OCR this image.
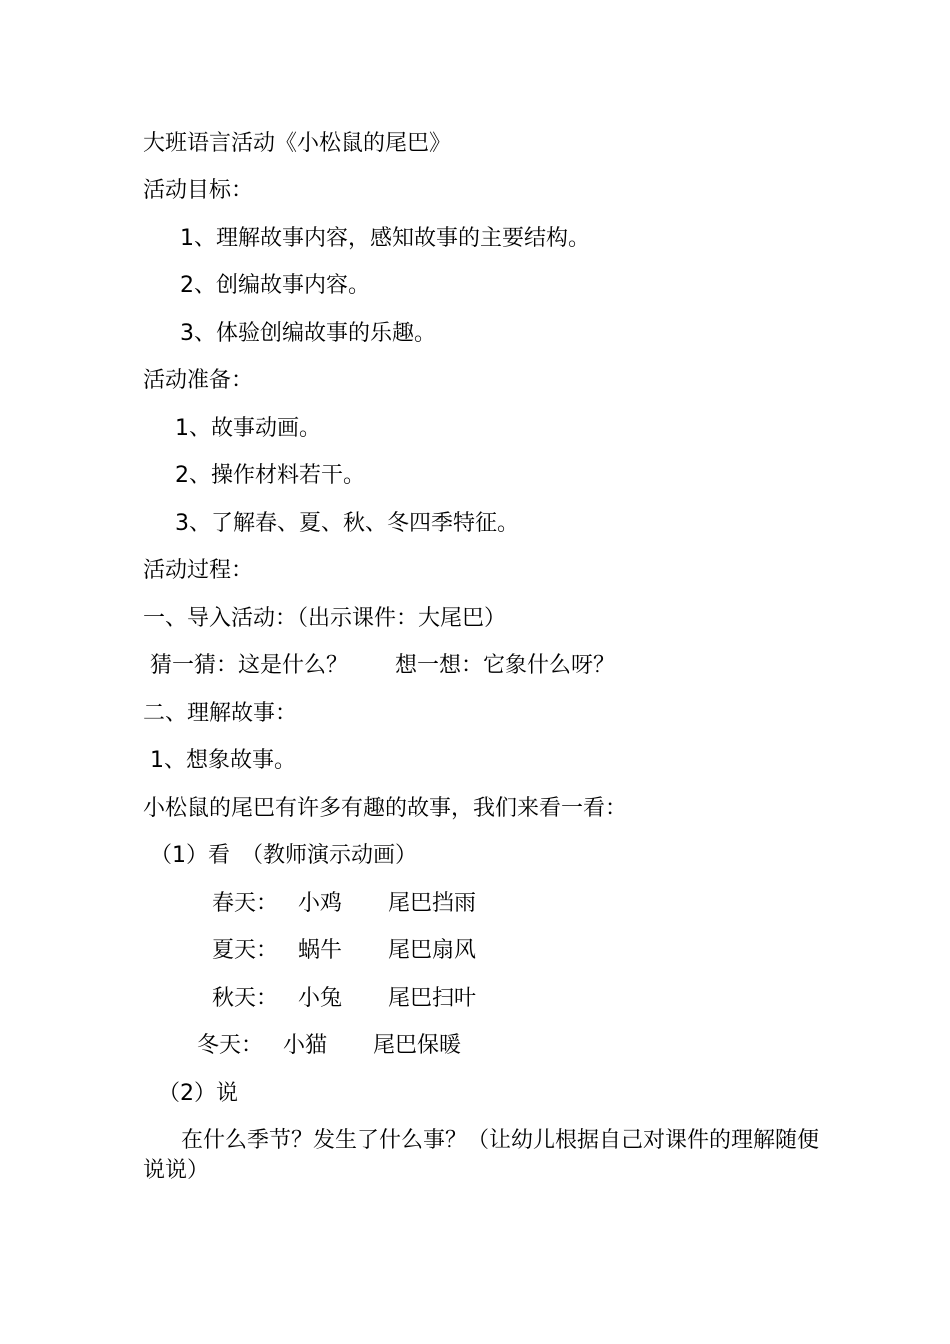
大班语言活动《小松鼠的尾巴》
活动目标：
1、理解故事内容，感知故事的主要结构。
2、创编故事内容。
3、体验创编故事的乐趣。
活动准备：
1、故事动画。
2、操作材料若干。
3、了解春、夏、秋、冬四季特征。
活动过程：
一、导入活动：（出示课件：大尾巴）
猜一猜：这是什么？ 想一想：它象什么呀？
二、理解故事：
1、想象故事。
小松鼠的尾巴有许多有趣的故事，我们来看一看：
（1）看　（教师演示动画）
春天： 小鸡 尾巴挡雨
夏天： 蜗牛 尾巴扇风
秋天： 小兔 尾巴扫叶
冬天： 小猫 尾巴保暖
（2）说
在什么季节？发生了什么事？（让幼儿根据自己对课件的理解随便说说）
